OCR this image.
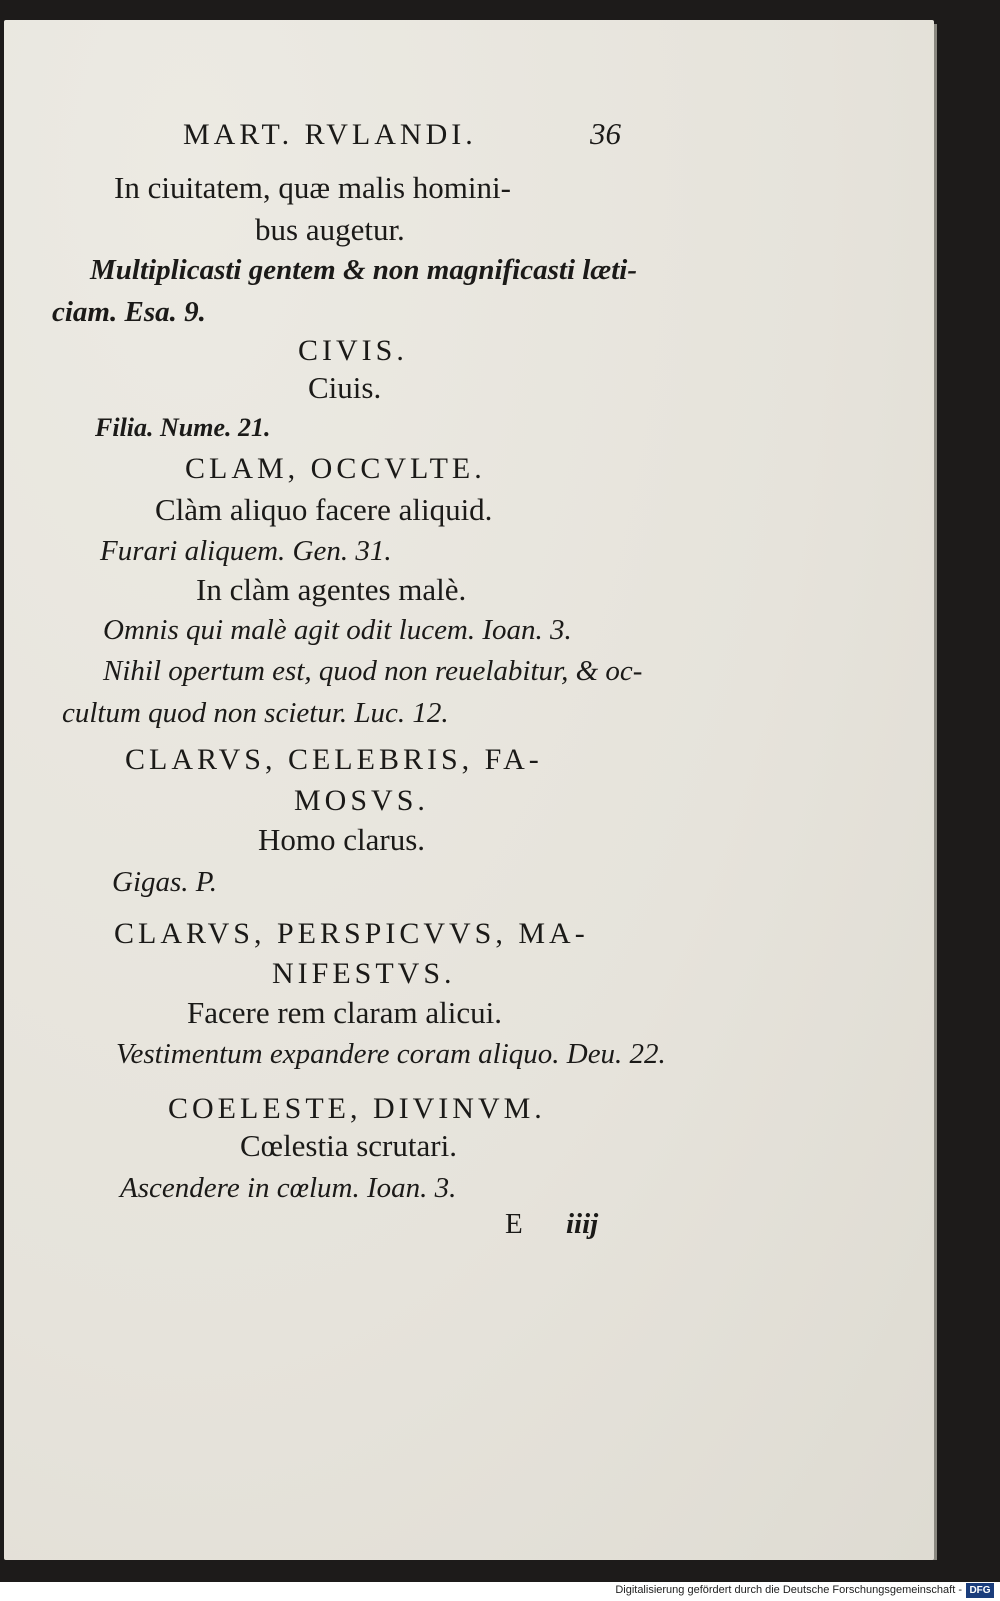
MART. RVLANDI.	36
In ciuitatem, quæ malis homini-
bus augetur.
Multiplicasti gentem & non magnificasti læti-
ciam. Esa. 9.
CIVIS.
Ciuis.
Filia. Nume. 21.
CLAM, OCCVLTE.
Clàm aliquo facere aliquid.
Furari aliquem. Gen. 31.
In clàm agentes malè.
Omnis qui malè agit odit lucem. Ioan. 3.
Nihil opertum est, quod non reuelabitur, & oc-
cultum quod non scietur. Luc. 12.
CLARVS, CELEBRIS, FA-
MOSVS.
Homo clarus.
Gigas. P.
CLARVS, PERSPICVVS, MA-
NIFESTVS.
Facere rem claram alicui.
Vestimentum expandere coram aliquo. Deu. 22.
COELESTE, DIVINVM.
Cœlestia scrutari.
Ascendere in cœlum. Ioan. 3.
E iiij
Digitalisierung gefördert durch die Deutsche Forschungsgemeinschaft - DFG
